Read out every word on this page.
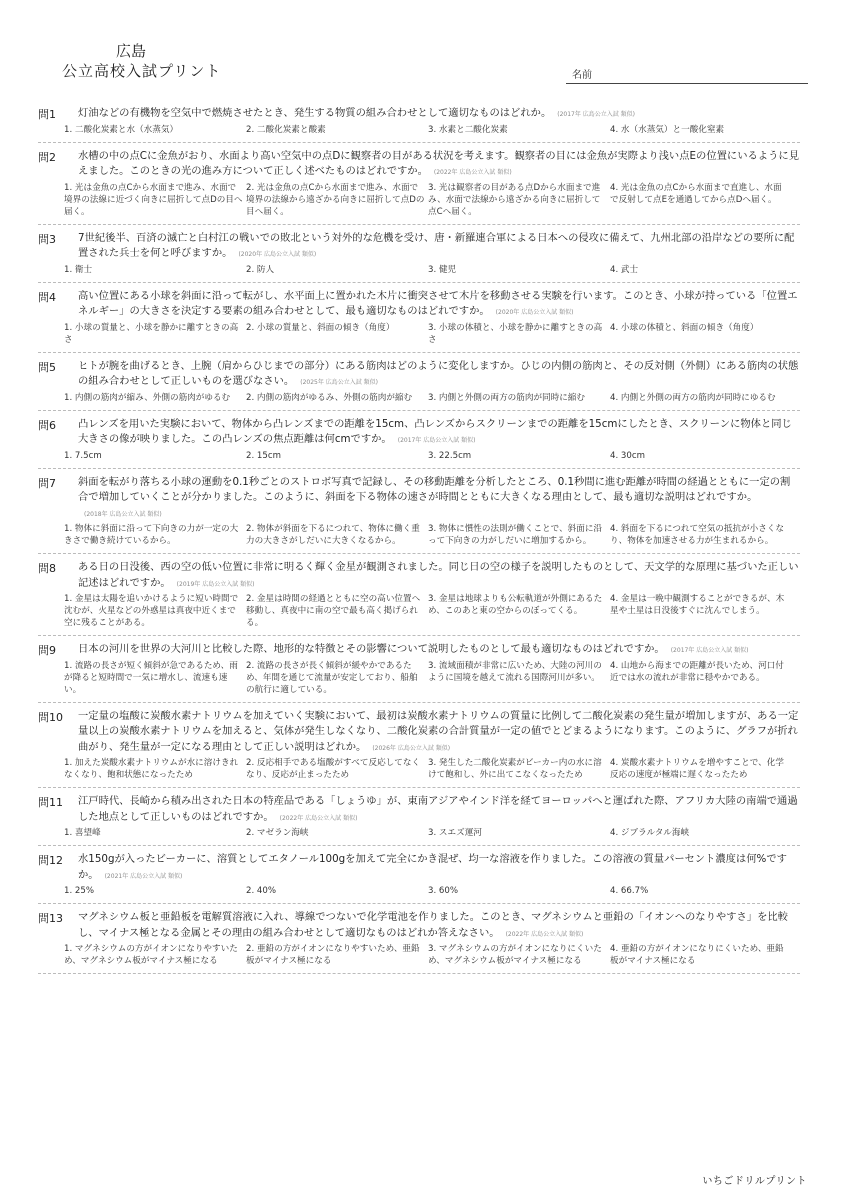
広島
公立高校入試プリント	名前
問1 灯油などの有機物を空気中で燃焼させたとき、発生する物質の組み合わせとして適切なものはどれか。 (2017年 広島公立入試 類似)
1. 二酸化炭素と水（水蒸気）	2. 二酸化炭素と酸素	3. 水素と二酸化炭素	4. 水（水蒸気）と一酸化窒素
問2 水槽の中の点Cに金魚がおり、水面より高い空気中の点Dに観察者の目がある状況を考えます。観察者の目には金魚が実際より浅い点Eの位置にいるように見えました。このときの光の進み方について正しく述べたものはどれですか。 (2022年 広島公立入試 類似)
1. 光は金魚の点Cから水面まで進み、水面で境界の法線に近づく向きに屈折して点Dの目へ届く。
2. 光は金魚の点Cから水面まで進み、水面で境界の法線から遠ざかる向きに屈折して点Dの目へ届く。
3. 光は観察者の目がある点Dから水面まで進み、水面で法線から遠ざかる向きに屈折して点Cへ届く。
4. 光は金魚の点Cから水面まで直進し、水面で反射して点Eを通過してから点Dへ届く。
問3 7世紀後半、百済の滅亡と白村江の戦いでの敗北という対外的な危機を受け、唐・新羅連合軍による日本への侵攻に備えて、九州北部の沿岸などの要所に配置された兵士を何と呼びますか。 (2020年 広島公立入試 類似)
1. 衛士	2. 防人	3. 健児	4. 武士
問4 高い位置にある小球を斜面に沿って転がし、水平面上に置かれた木片に衝突させて木片を移動させる実験を行います。このとき、小球が持っている「位置エネルギー」の大きさを決定する要素の組み合わせとして、最も適切なものはどれですか。 (2020年 広島公立入試 類似)
1. 小球の質量と、小球を静かに離すときの高さ
2. 小球の質量と、斜面の傾き（角度）	3. 小球の体積と、小球を静かに離すときの高さ
4. 小球の体積と、斜面の傾き（角度）
問5 ヒトが腕を曲げるとき、上腕（肩からひじまでの部分）にある筋肉はどのように変化しますか。ひじの内側の筋肉と、その反対側（外側）にある筋肉の状態の組み合わせとして正しいものを選びなさい。 (2025年 広島公立入試 類似)
1. 内側の筋肉が縮み、外側の筋肉がゆるむ	2. 内側の筋肉がゆるみ、外側の筋肉が縮む	3. 内側と外側の両方の筋肉が同時に縮む	4. 内側と外側の両方の筋肉が同時にゆるむ
問6 凸レンズを用いた実験において、物体から凸レンズまでの距離を15cm、凸レンズからスクリーンまでの距離を15cmにしたとき、スクリーンに物体と同じ大きさの像が映りました。この凸レンズの焦点距離は何cmですか。 (2017年 広島公立入試 類似)
1. 7.5cm	2. 15cm	3. 22.5cm	4. 30cm
問7 斜面を転がり落ちる小球の運動を0.1秒ごとのストロボ写真で記録し、その移動距離を分析したところ、0.1秒間に進む距離が時間の経過とともに一定の割合で増加していくことが分かりました。このように、斜面を下る物体の速さが時間とともに大きくなる理由として、最も適切な説明はどれですか。(2018年 広島公立入試 類似)
1. 物体に斜面に沿って下向きの力が一定の大きさで働き続けているから。
2. 物体が斜面を下るにつれて、物体に働く重力の大きさがしだいに大きくなるから。
3. 物体に慣性の法則が働くことで、斜面に沿って下向きの力がしだいに増加するから。
4. 斜面を下るにつれて空気の抵抗が小さくなり、物体を加速させる力が生まれるから。
問8 ある日の日没後、西の空の低い位置に非常に明るく輝く金星が観測されました。同じ日の空の様子を説明したものとして、天文学的な原理に基づいた正しい記述はどれですか。 (2019年 広島公立入試 類似)
1. 金星は太陽を追いかけるように短い時間で沈むが、火星などの外惑星は真夜中近くまで空に残ることがある。
2. 金星は時間の経過とともに空の高い位置へ移動し、真夜中に南の空で最も高く掲げられる。
3. 金星は地球よりも公転軌道が外側にあるため、このあと東の空からのぼってくる。
4. 金星は一晩中観測することができるが、木星や土星は日没後すぐに沈んでしまう。
問9 日本の河川を世界の大河川と比較した際、地形的な特徴とその影響について説明したものとして最も適切なものはどれですか。 (2017年 広島公立入試 類似)
1. 流路の長さが短く傾斜が急であるため、雨が降ると短時間で一気に増水し、流速も速い。
2. 流路の長さが長く傾斜が緩やかであるため、年間を通じて流量が安定しており、船舶の航行に適している。
3. 流域面積が非常に広いため、大陸の河川のように国境を越えて流れる国際河川が多い。
4. 山地から海までの距離が長いため、河口付近では水の流れが非常に穏やかである。
問10 一定量の塩酸に炭酸水素ナトリウムを加えていく実験において、最初は炭酸水素ナトリウムの質量に比例して二酸化炭素の発生量が増加しますが、ある一定量以上の炭酸水素ナトリウムを加えると、気体が発生しなくなり、二酸化炭素の合計質量が一定の値でとどまるようになります。このように、グラフが折れ曲がり、発生量が一定になる理由として正しい説明はどれか。 (2026年 広島公立入試 類似)
1. 加えた炭酸水素ナトリウムが水に溶けきれなくなり、飽和状態になったため
2. 反応相手である塩酸がすべて反応してなくなり、反応が止まったため
3. 発生した二酸化炭素がビーカー内の水に溶けて飽和し、外に出てこなくなったため
4. 炭酸水素ナトリウムを増やすことで、化学反応の速度が極端に遅くなったため
問11 江戸時代、長崎から積み出された日本の特産品である「しょうゆ」が、東南アジアやインド洋を経てヨーロッパへと運ばれた際、アフリカ大陸の南端で通過した地点として正しいものはどれですか。 (2022年 広島公立入試 類似)
1. 喜望峰	2. マゼラン海峡	3. スエズ運河	4. ジブラルタル海峡
問12 水150gが入ったビーカーに、溶質としてエタノール100gを加えて完全にかき混ぜ、均一な溶液を作りました。この溶液の質量パーセント濃度は何%ですか。 (2021年 広島公立入試 類似)
1. 25%	2. 40%	3. 60%	4. 66.7%
問13 マグネシウム板と亜鉛板を電解質溶液に入れ、導線でつないで化学電池を作りました。このとき、マグネシウムと亜鉛の「イオンへのなりやすさ」を比較し、マイナス極となる金属とその理由の組み合わせとして適切なものはどれか答えなさい。 (2022年 広島公立入試 類似)
1. マグネシウムの方がイオンになりやすいため、マグネシウム板がマイナス極になる
2. 亜鉛の方がイオンになりやすいため、亜鉛板がマイナス極になる
3. マグネシウムの方がイオンになりにくいため、マグネシウム板がマイナス極になる
4. 亜鉛の方がイオンになりにくいため、亜鉛板がマイナス極になる
いちごドリルプリント
